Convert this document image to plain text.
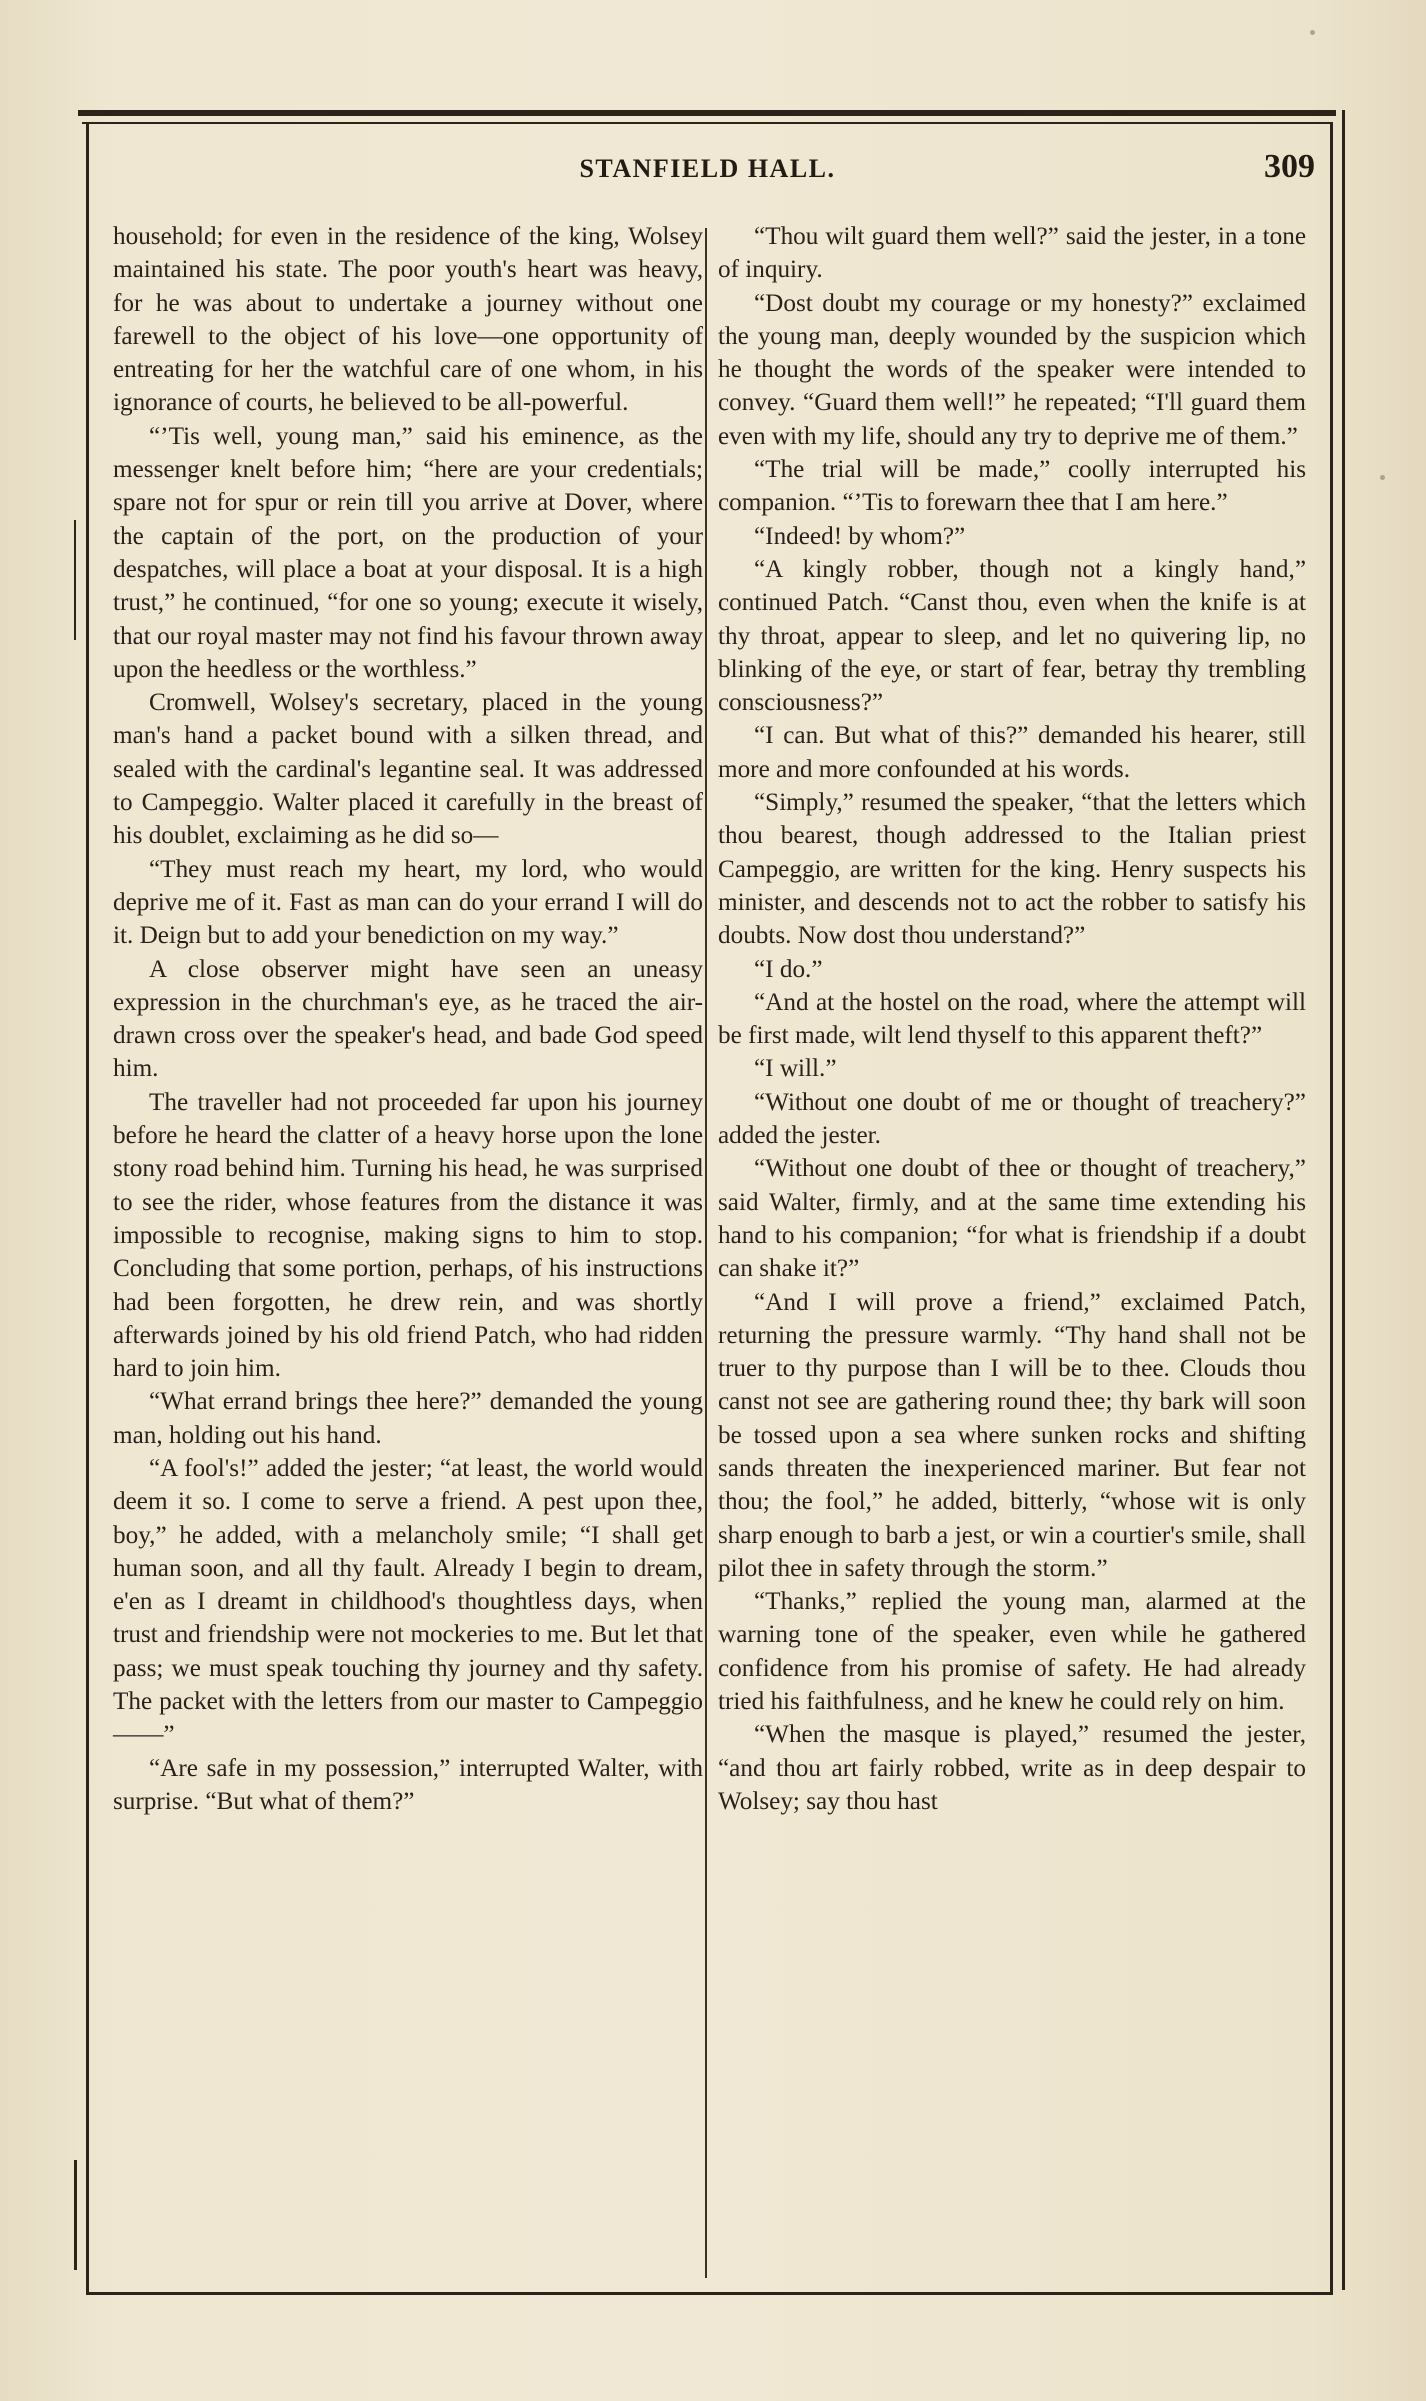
STANFIELD HALL.	309

household; for even in the residence of the king, Wolsey maintained his state. The poor youth's heart was heavy, for he was about to undertake a journey without one farewell to the object of his love—one opportunity of entreating for her the watchful care of one whom, in his ignorance of courts, he believed to be all-powerful.

“’Tis well, young man,” said his eminence, as the messenger knelt before him; “here are your credentials; spare not for spur or rein till you arrive at Dover, where the captain of the port, on the production of your despatches, will place a boat at your disposal. It is a high trust,” he continued, “for one so young; execute it wisely, that our royal master may not find his favour thrown away upon the heedless or the worthless.”

Cromwell, Wolsey's secretary, placed in the young man's hand a packet bound with a silken thread, and sealed with the cardinal's legantine seal. It was addressed to Campeggio. Walter placed it carefully in the breast of his doublet, exclaiming as he did so—

“They must reach my heart, my lord, who would deprive me of it. Fast as man can do your errand I will do it. Deign but to add your benediction on my way.”

A close observer might have seen an uneasy expression in the churchman's eye, as he traced the air-drawn cross over the speaker's head, and bade God speed him.

The traveller had not proceeded far upon his journey before he heard the clatter of a heavy horse upon the lone stony road behind him. Turning his head, he was surprised to see the rider, whose features from the distance it was impossible to recognise, making signs to him to stop. Concluding that some portion, perhaps, of his instructions had been forgotten, he drew rein, and was shortly afterwards joined by his old friend Patch, who had ridden hard to join him.

“What errand brings thee here?” demanded the young man, holding out his hand.

“A fool's!” added the jester; “at least, the world would deem it so. I come to serve a friend. A pest upon thee, boy,” he added, with a melancholy smile; “I shall get human soon, and all thy fault. Already I begin to dream, e'en as I dreamt in childhood's thoughtless days, when trust and friendship were not mockeries to me. But let that pass; we must speak touching thy journey and thy safety. The packet with the letters from our master to Campeggio——”

“Are safe in my possession,” interrupted Walter, with surprise. “But what of them?”

“Thou wilt guard them well?” said the jester, in a tone of inquiry.

“Dost doubt my courage or my honesty?” exclaimed the young man, deeply wounded by the suspicion which he thought the words of the speaker were intended to convey. “Guard them well!” he repeated; “I'll guard them even with my life, should any try to deprive me of them.”

“The trial will be made,” coolly interrupted his companion. “’Tis to forewarn thee that I am here.”

“Indeed! by whom?”

“A kingly robber, though not a kingly hand,” continued Patch. “Canst thou, even when the knife is at thy throat, appear to sleep, and let no quivering lip, no blinking of the eye, or start of fear, betray thy trembling consciousness?”

“I can. But what of this?” demanded his hearer, still more and more confounded at his words.

“Simply,” resumed the speaker, “that the letters which thou bearest, though addressed to the Italian priest Campeggio, are written for the king. Henry suspects his minister, and descends not to act the robber to satisfy his doubts. Now dost thou understand?”

“I do.”

“And at the hostel on the road, where the attempt will be first made, wilt lend thyself to this apparent theft?”

“I will.”

“Without one doubt of me or thought of treachery?” added the jester.

“Without one doubt of thee or thought of treachery,” said Walter, firmly, and at the same time extending his hand to his companion; “for what is friendship if a doubt can shake it?”

“And I will prove a friend,” exclaimed Patch, returning the pressure warmly. “Thy hand shall not be truer to thy purpose than I will be to thee. Clouds thou canst not see are gathering round thee; thy bark will soon be tossed upon a sea where sunken rocks and shifting sands threaten the inexperienced mariner. But fear not thou; the fool,” he added, bitterly, “whose wit is only sharp enough to barb a jest, or win a courtier's smile, shall pilot thee in safety through the storm.”

“Thanks,” replied the young man, alarmed at the warning tone of the speaker, even while he gathered confidence from his promise of safety. He had already tried his faithfulness, and he knew he could rely on him.

“When the masque is played,” resumed the jester, “and thou art fairly robbed, write as in deep despair to Wolsey; say thou hast
